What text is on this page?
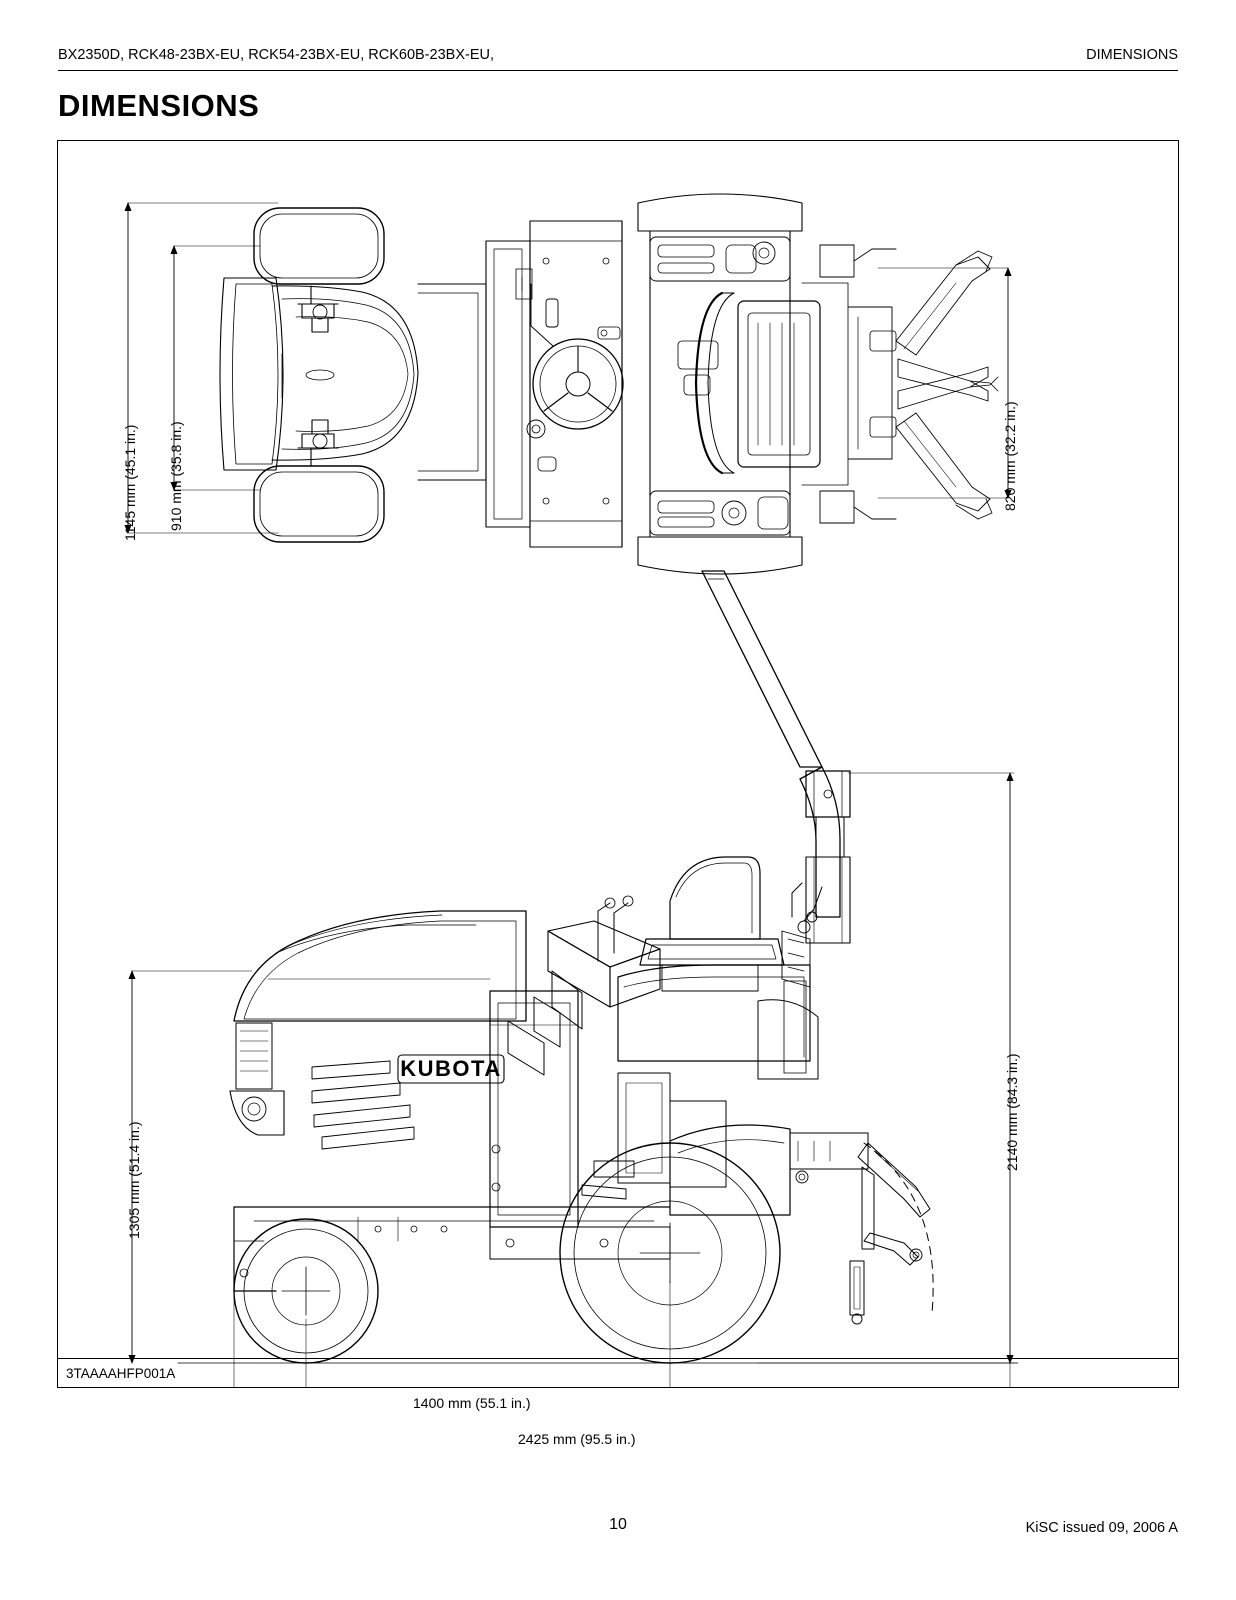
BX2350D, RCK48-23BX-EU, RCK54-23BX-EU, RCK60B-23BX-EU,	DIMENSIONS
DIMENSIONS
KUBOTA
1145 mm (45.1 in.) 910 mm (35.8 in.)	820 mm (32.2 in.)
1305 mm (51.4 in.)
2140 mm (84.3 in.)
1400 mm (55.1 in.)
2425 mm (95.5 in.)
3TAAAAHFP001A
10	KiSC issued 09, 2006 A
